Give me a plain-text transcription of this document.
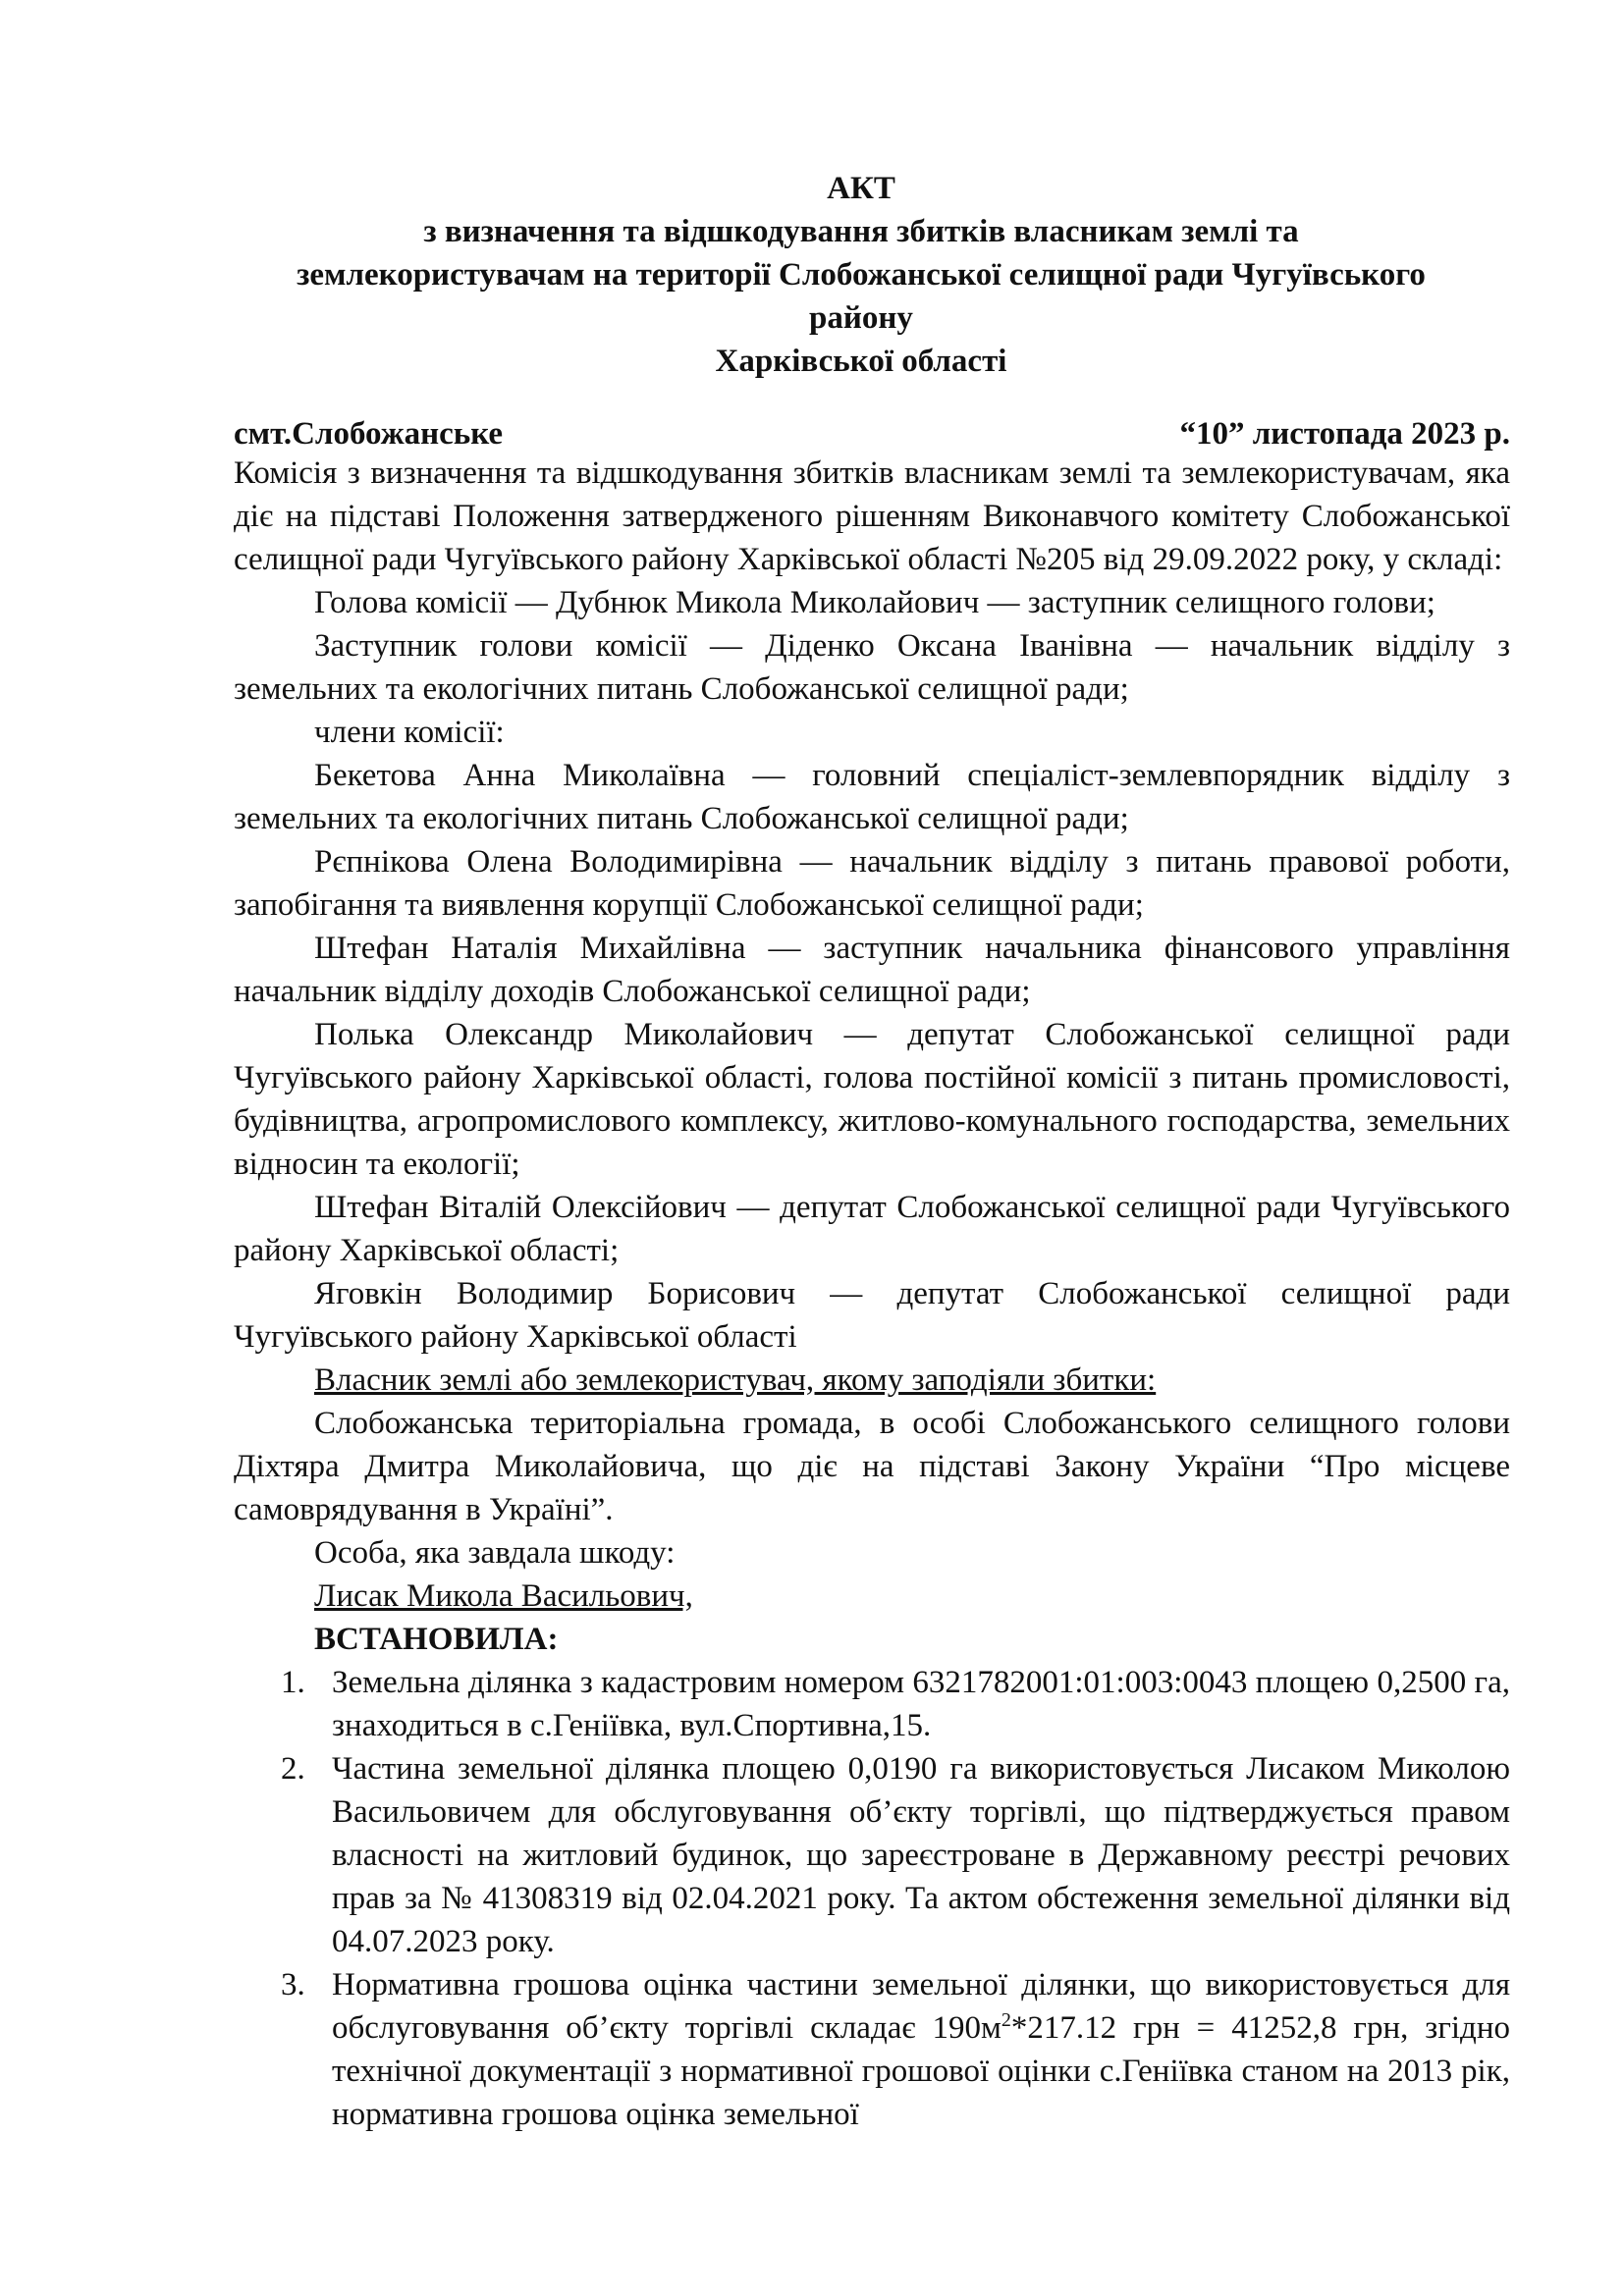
АКТ
з визначення та відшкодування збитків власникам землі та
землекористувачам на території Слобожанської селищної ради Чугуївського
району
Харківської області
смт.Слобожанське	“10” листопада 2023 р.

Комісія з визначення та відшкодування збитків власникам землі та землекористувачам, яка діє на підставі Положення затвердженого рішенням Виконавчого комітету Слобожанської селищної ради Чугуївського району Харківської області №205 від 29.09.2022 року, у складі:

Голова комісії — Дубнюк Микола Миколайович — заступник селищного голови;

Заступник голови комісії — Діденко Оксана Іванівна — начальник відділу з земельних та екологічних питань Слобожанської селищної ради;

члени комісії:

Бекетова Анна Миколаївна — головний спеціаліст-землевпорядник відділу з земельних та екологічних питань Слобожанської селищної ради;

Рєпнікова Олена Володимирівна — начальник відділу з питань правової роботи, запобігання та виявлення корупції Слобожанської селищної ради;

Штефан Наталія Михайлівна — заступник начальника фінансового управління начальник відділу доходів Слобожанської селищної ради;

Полька Олександр Миколайович — депутат Слобожанської селищної ради Чугуївського району Харківської області, голова постійної комісії з питань промисловості, будівництва, агропромислового комплексу, житлово-комунального господарства, земельних відносин та екології;

Штефан Віталій Олексійович — депутат Слобожанської селищної ради Чугуївського району Харківської області;

Яговкін Володимир Борисович — депутат Слобожанської селищної ради Чугуївського району Харківської області

Власник землі або землекористувач, якому заподіяли збитки:

Слобожанська територіальна громада, в особі Слобожанського селищного голови Діхтяра Дмитра Миколайовича, що діє на підставі Закону України “Про місцеве самоврядування в Україні”.

Особа, яка завдала шкоду:

Лисак Микола Васильович,

ВСТАНОВИЛА:

1. Земельна ділянка з кадастровим номером 6321782001:01:003:0043 площею 0,2500 га, знаходиться в с.Геніївка, вул.Спортивна,15.
2. Частина земельної ділянка площею 0,0190 га використовується Лисаком Миколою Васильовичем для обслуговування об’єкту торгівлі, що підтверджується правом власності на житловий будинок, що зареєстроване в Державному реєстрі речових прав за № 41308319 від 02.04.2021 року. Та актом обстеження земельної ділянки від 04.07.2023 року.
3. Нормативна грошова оцінка частини земельної ділянки, що використовується для обслуговування об’єкту торгівлі складає $190м^2*217.12$ грн = 41252,8 грн, згідно технічної документації з нормативної грошової оцінки с.Геніївка станом на 2013 рік, нормативна грошова оцінка земельної
